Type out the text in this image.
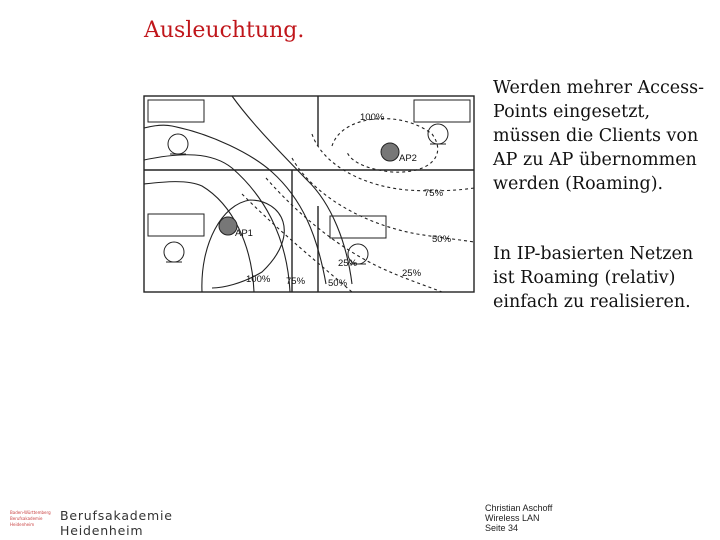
Ausleuchtung.
AP1
AP2
100%
75%
50%
25%
100% 75% 50%
25%

Werden mehrer Access-Points eingesetzt, müssen die Clients von AP zu AP übernommen werden (Roaming).

In IP-basierten Netzen ist Roaming (relativ) einfach zu realisieren.

Baden-Württemberg
Berufsakademie
Heidenheim
Berufsakademie
Heidenheim
Christian Aschoff
Wireless LAN
Seite 34
